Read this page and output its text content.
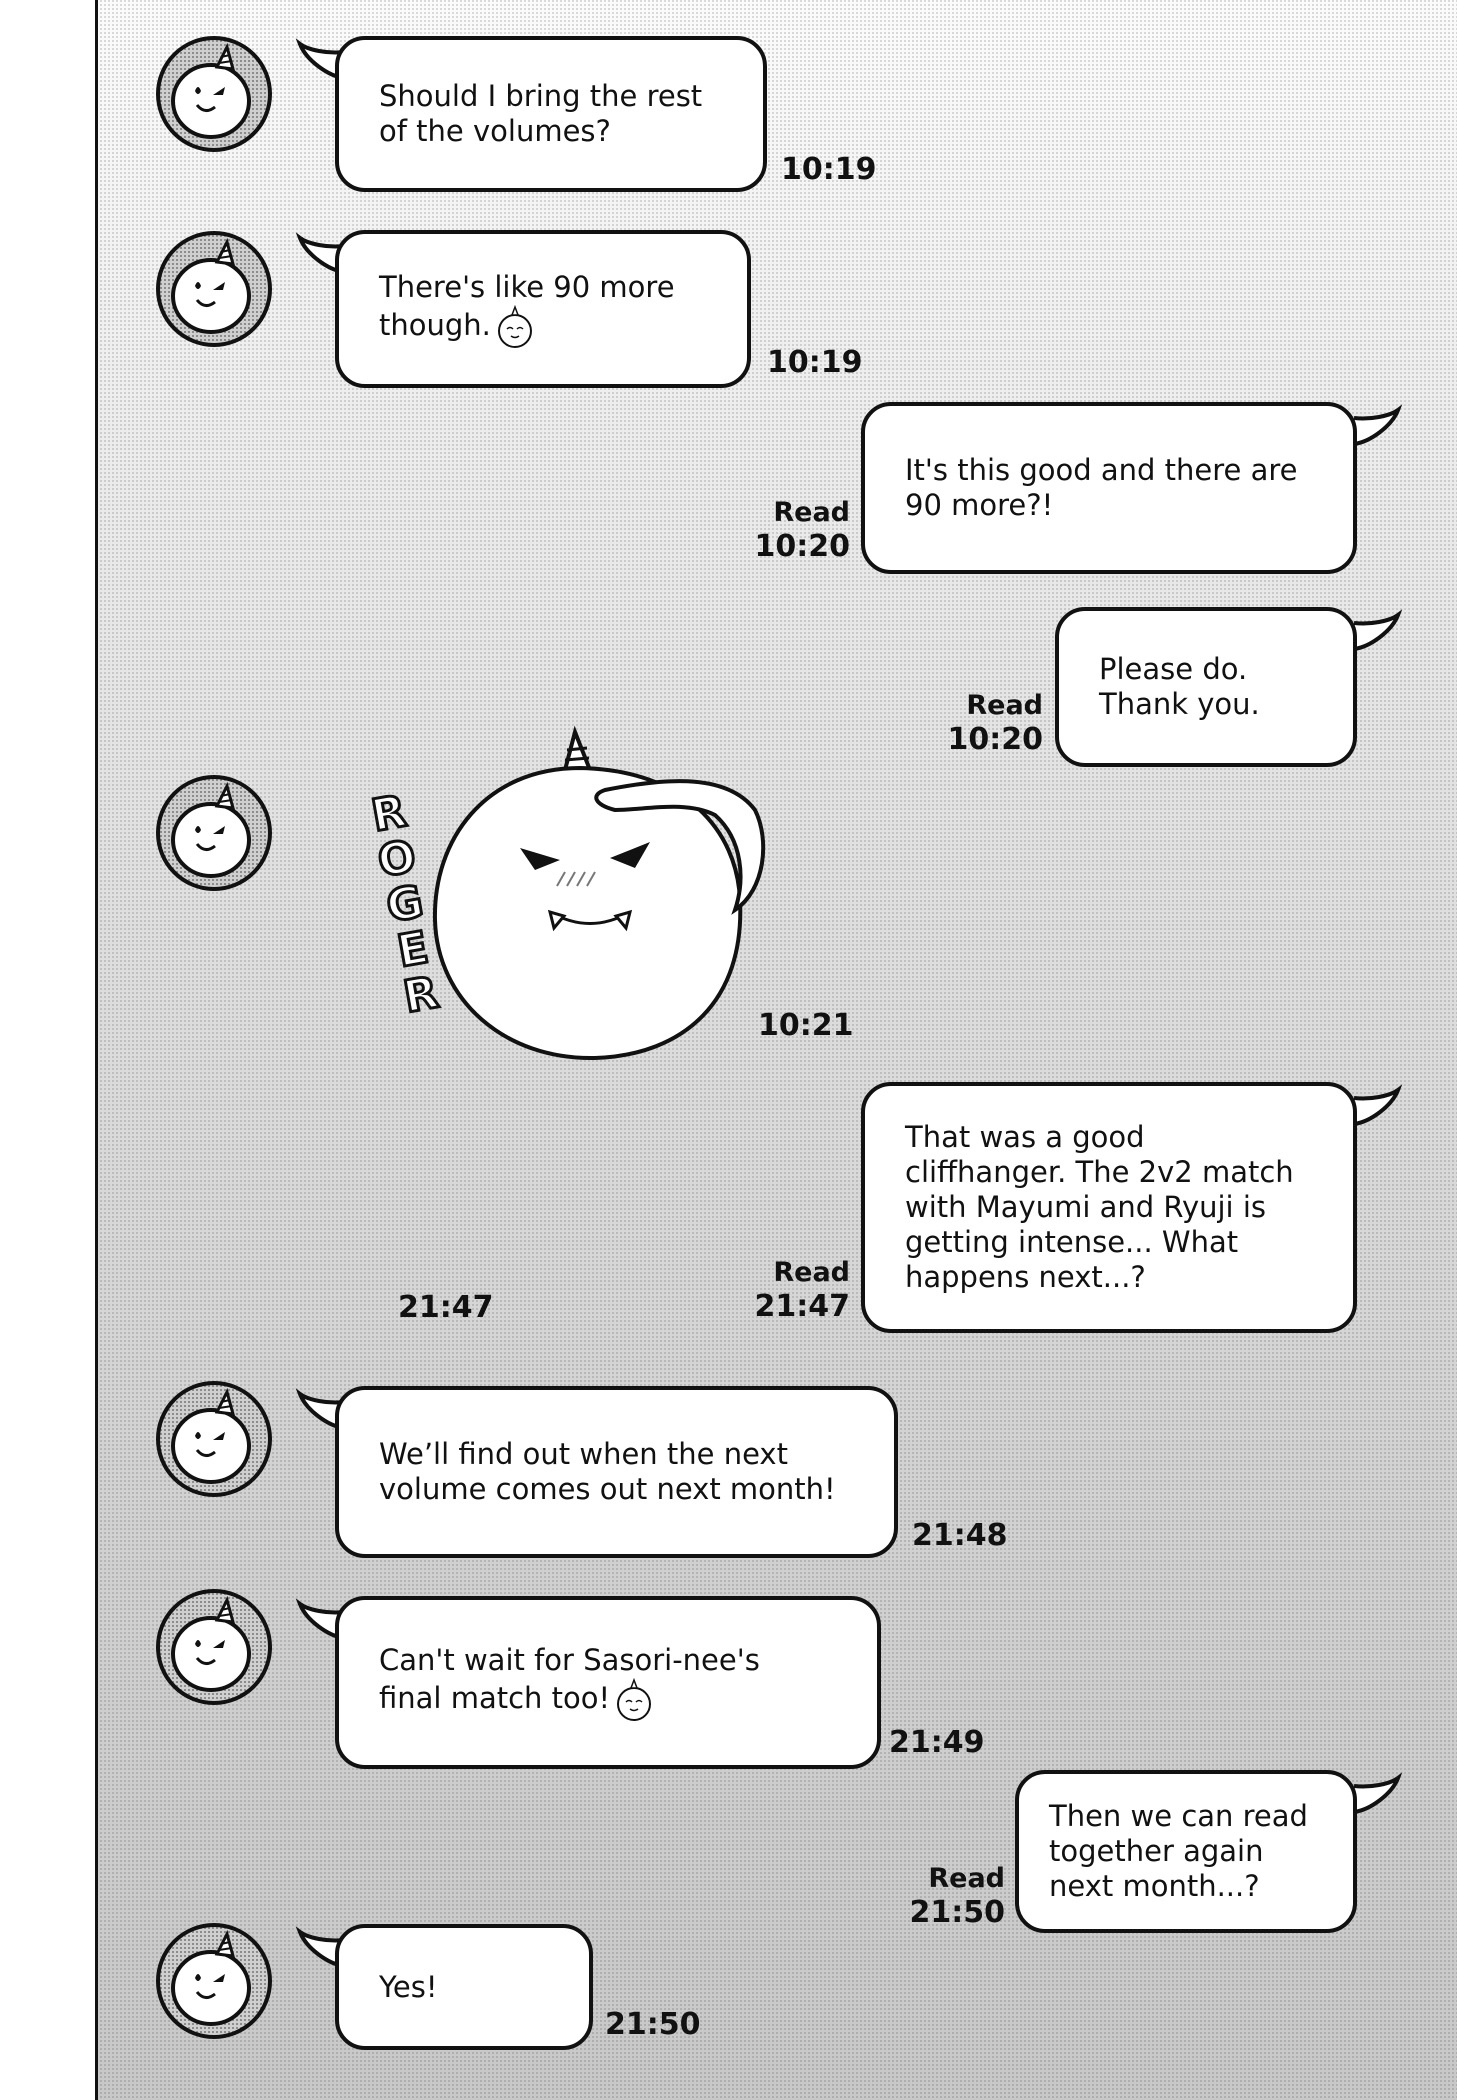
Should I bring the rest of the volumes?
10:19
There's like 90 more though.
10:19
It's this good and there are 90 more?!
Read
10:20
Please do. Thank you.
Read
10:20
R
O
G
E
R
10:21
That was a good cliffhanger. The 2v2 match with Mayumi and Ryuji is getting intense... What happens next...?
Read
21:47
21:47
We’ll find out when the next volume comes out next month!
21:48
Can't wait for Sasori-nee's final match too!
21:49
Then we can read together again next month...?
Read
21:50
Yes!
21:50
